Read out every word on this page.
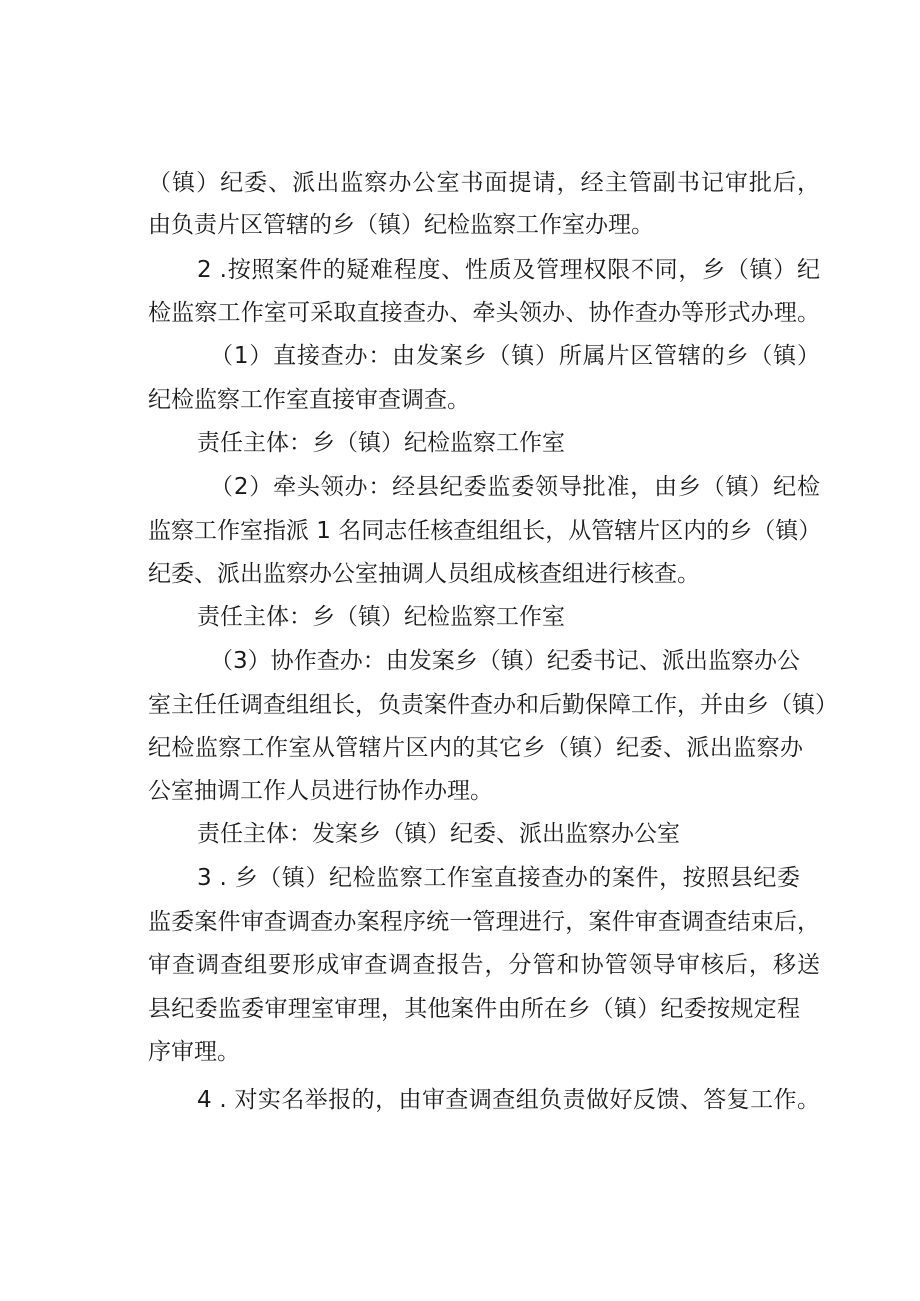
（镇）纪委、派出监察办公室书面提请，经主管副书记审批后，
由负责片区管辖的乡（镇）纪检监察工作室办理。
2 .按照案件的疑难程度、性质及管理权限不同，乡（镇）纪
检监察工作室可采取直接查办、牵头领办、协作查办等形式办理。
（1）直接查办：由发案乡（镇）所属片区管辖的乡（镇）
纪检监察工作室直接审查调查。
责任主体：乡（镇）纪检监察工作室
（2）牵头领办：经县纪委监委领导批准，由乡（镇）纪检
监察工作室指派 1 名同志任核查组组长，从管辖片区内的乡（镇）
纪委、派出监察办公室抽调人员组成核查组进行核查。
责任主体：乡（镇）纪检监察工作室
（3）协作查办：由发案乡（镇）纪委书记、派出监察办公
室主任任调查组组长，负责案件查办和后勤保障工作，并由乡（镇）
纪检监察工作室从管辖片区内的其它乡（镇）纪委、派出监察办
公室抽调工作人员进行协作办理。
责任主体：发案乡（镇）纪委、派出监察办公室
3 . 乡（镇）纪检监察工作室直接查办的案件，按照县纪委
监委案件审查调查办案程序统一管理进行，案件审查调查结束后，
审查调查组要形成审查调查报告，分管和协管领导审核后，移送
县纪委监委审理室审理，其他案件由所在乡（镇）纪委按规定程
序审理。
4 . 对实名举报的，由审查调查组负责做好反馈、答复工作。
